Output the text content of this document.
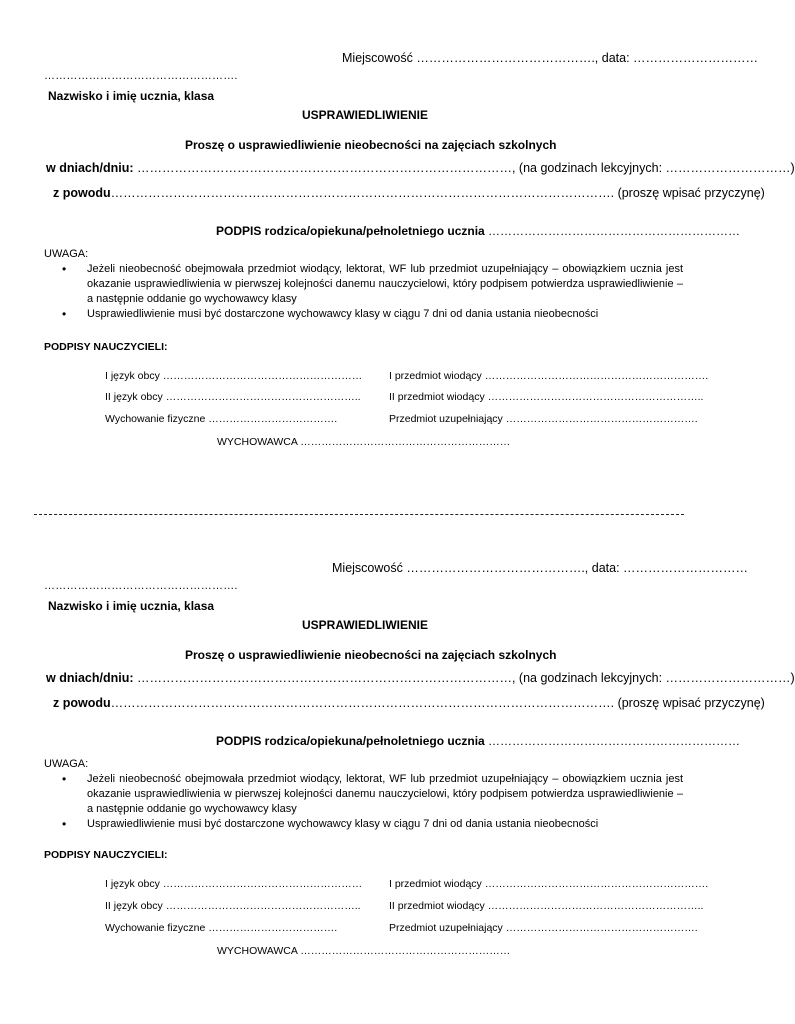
Miejscowość ……………………………………., data: …………………………
…………………………………………….
Nazwisko i imię ucznia, klasa
USPRAWIEDLIWIENIE
Proszę o usprawiedliwienie nieobecności na zajęciach szkolnych
w dniach/dniu: ………………………………………………………………………………, (na godzinach lekcyjnych: …………………………)
z powodu…………………………………………………………………………………………………………. (proszę wpisać przyczynę)
PODPIS rodzica/opiekuna/pełnoletniego ucznia ………………………………………………………
UWAGA:
• Jeżeli nieobecność obejmowała przedmiot wiodący, lektorat, WF lub przedmiot uzupełniający – obowiązkiem ucznia jest okazanie usprawiedliwienia w pierwszej kolejności danemu nauczycielowi, który podpisem potwierdza usprawiedliwienie – a następnie oddanie go wychowawcy klasy
• Usprawiedliwienie musi być dostarczone wychowawcy klasy w ciągu 7 dni od dania ustania nieobecności
PODPISY NAUCZYCIELI:
I język obcy …………………………………………………
II język obcy ………………………………………………..
Wychowanie fizyczne ……………………………….
I przedmiot wiodący ……………………………………………………….
II przedmiot wiodący ……………………………………………………..
Przedmiot uzupełniający ……………………………………………….
WYCHOWAWCA ……………………………………………………
Miejscowość ……………………………………., data: …………………………
…………………………………………….
Nazwisko i imię ucznia, klasa
USPRAWIEDLIWIENIE
Proszę o usprawiedliwienie nieobecności na zajęciach szkolnych
w dniach/dniu: ………………………………………………………………………………, (na godzinach lekcyjnych: …………………………)
z powodu…………………………………………………………………………………………………………. (proszę wpisać przyczynę)
PODPIS rodzica/opiekuna/pełnoletniego ucznia ………………………………………………………
UWAGA:
• Jeżeli nieobecność obejmowała przedmiot wiodący, lektorat, WF lub przedmiot uzupełniający – obowiązkiem ucznia jest okazanie usprawiedliwienia w pierwszej kolejności danemu nauczycielowi, który podpisem potwierdza usprawiedliwienie – a następnie oddanie go wychowawcy klasy
• Usprawiedliwienie musi być dostarczone wychowawcy klasy w ciągu 7 dni od dania ustania nieobecności
PODPISY NAUCZYCIELI:
I język obcy …………………………………………………
II język obcy ………………………………………………..
Wychowanie fizyczne ……………………………….
I przedmiot wiodący ……………………………………………………….
II przedmiot wiodący ……………………………………………………..
Przedmiot uzupełniający ……………………………………………….
WYCHOWAWCA ……………………………………………………
